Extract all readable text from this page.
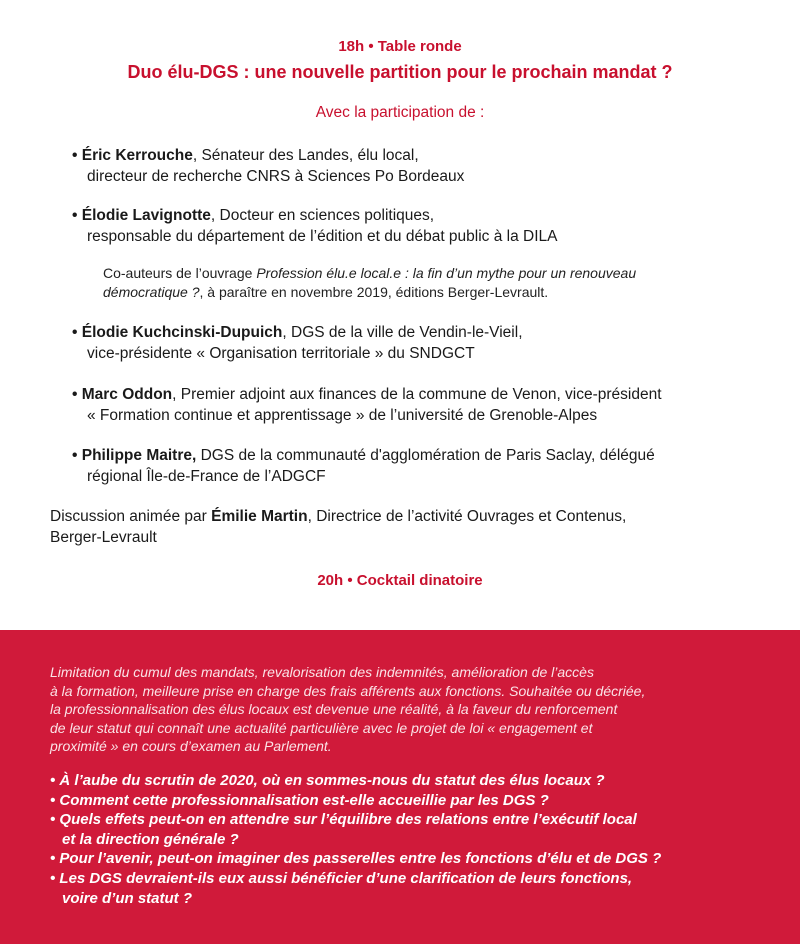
18h • Table ronde
Duo élu-DGS : une nouvelle partition pour le prochain mandat ?
Avec la participation de :
• Éric Kerrouche, Sénateur des Landes, élu local,
directeur de recherche CNRS à Sciences Po Bordeaux
• Élodie Lavignotte, Docteur en sciences politiques,
responsable du département de l’édition et du débat public à la DILA
Co-auteurs de l’ouvrage Profession élu.e local.e : la fin d’un mythe pour un renouveau
démocratique ?, à paraître en novembre 2019, éditions Berger-Levrault.
• Élodie Kuchcinski-Dupuich, DGS de la ville de Vendin-le-Vieil,
vice-présidente « Organisation territoriale » du SNDGCT
• Marc Oddon, Premier adjoint aux finances de la commune de Venon, vice-président
« Formation continue et apprentissage » de l’université de Grenoble-Alpes
• Philippe Maitre, DGS de la communauté d'agglomération de Paris Saclay, délégué
régional Île-de-France de l’ADGCF
Discussion animée par Émilie Martin, Directrice de l’activité Ouvrages et Contenus,
Berger-Levrault
20h • Cocktail dinatoire
Limitation du cumul des mandats, revalorisation des indemnités, amélioration de l’accès
à la formation, meilleure prise en charge des frais afférents aux fonctions. Souhaitée ou décriée,
la professionnalisation des élus locaux est devenue une réalité, à la faveur du renforcement
de leur statut qui connaît une actualité particulière avec le projet de loi « engagement et
proximité » en cours d’examen au Parlement.
• À l’aube du scrutin de 2020, où en sommes-nous du statut des élus locaux ?
• Comment cette professionnalisation est-elle accueillie par les DGS ?
• Quels effets peut-on en attendre sur l’équilibre des relations entre l’exécutif local
et la direction générale ?
• Pour l’avenir, peut-on imaginer des passerelles entre les fonctions d’élu et de DGS ?
• Les DGS devraient-ils eux aussi bénéficier d’une clarification de leurs fonctions,
voire d’un statut ?
